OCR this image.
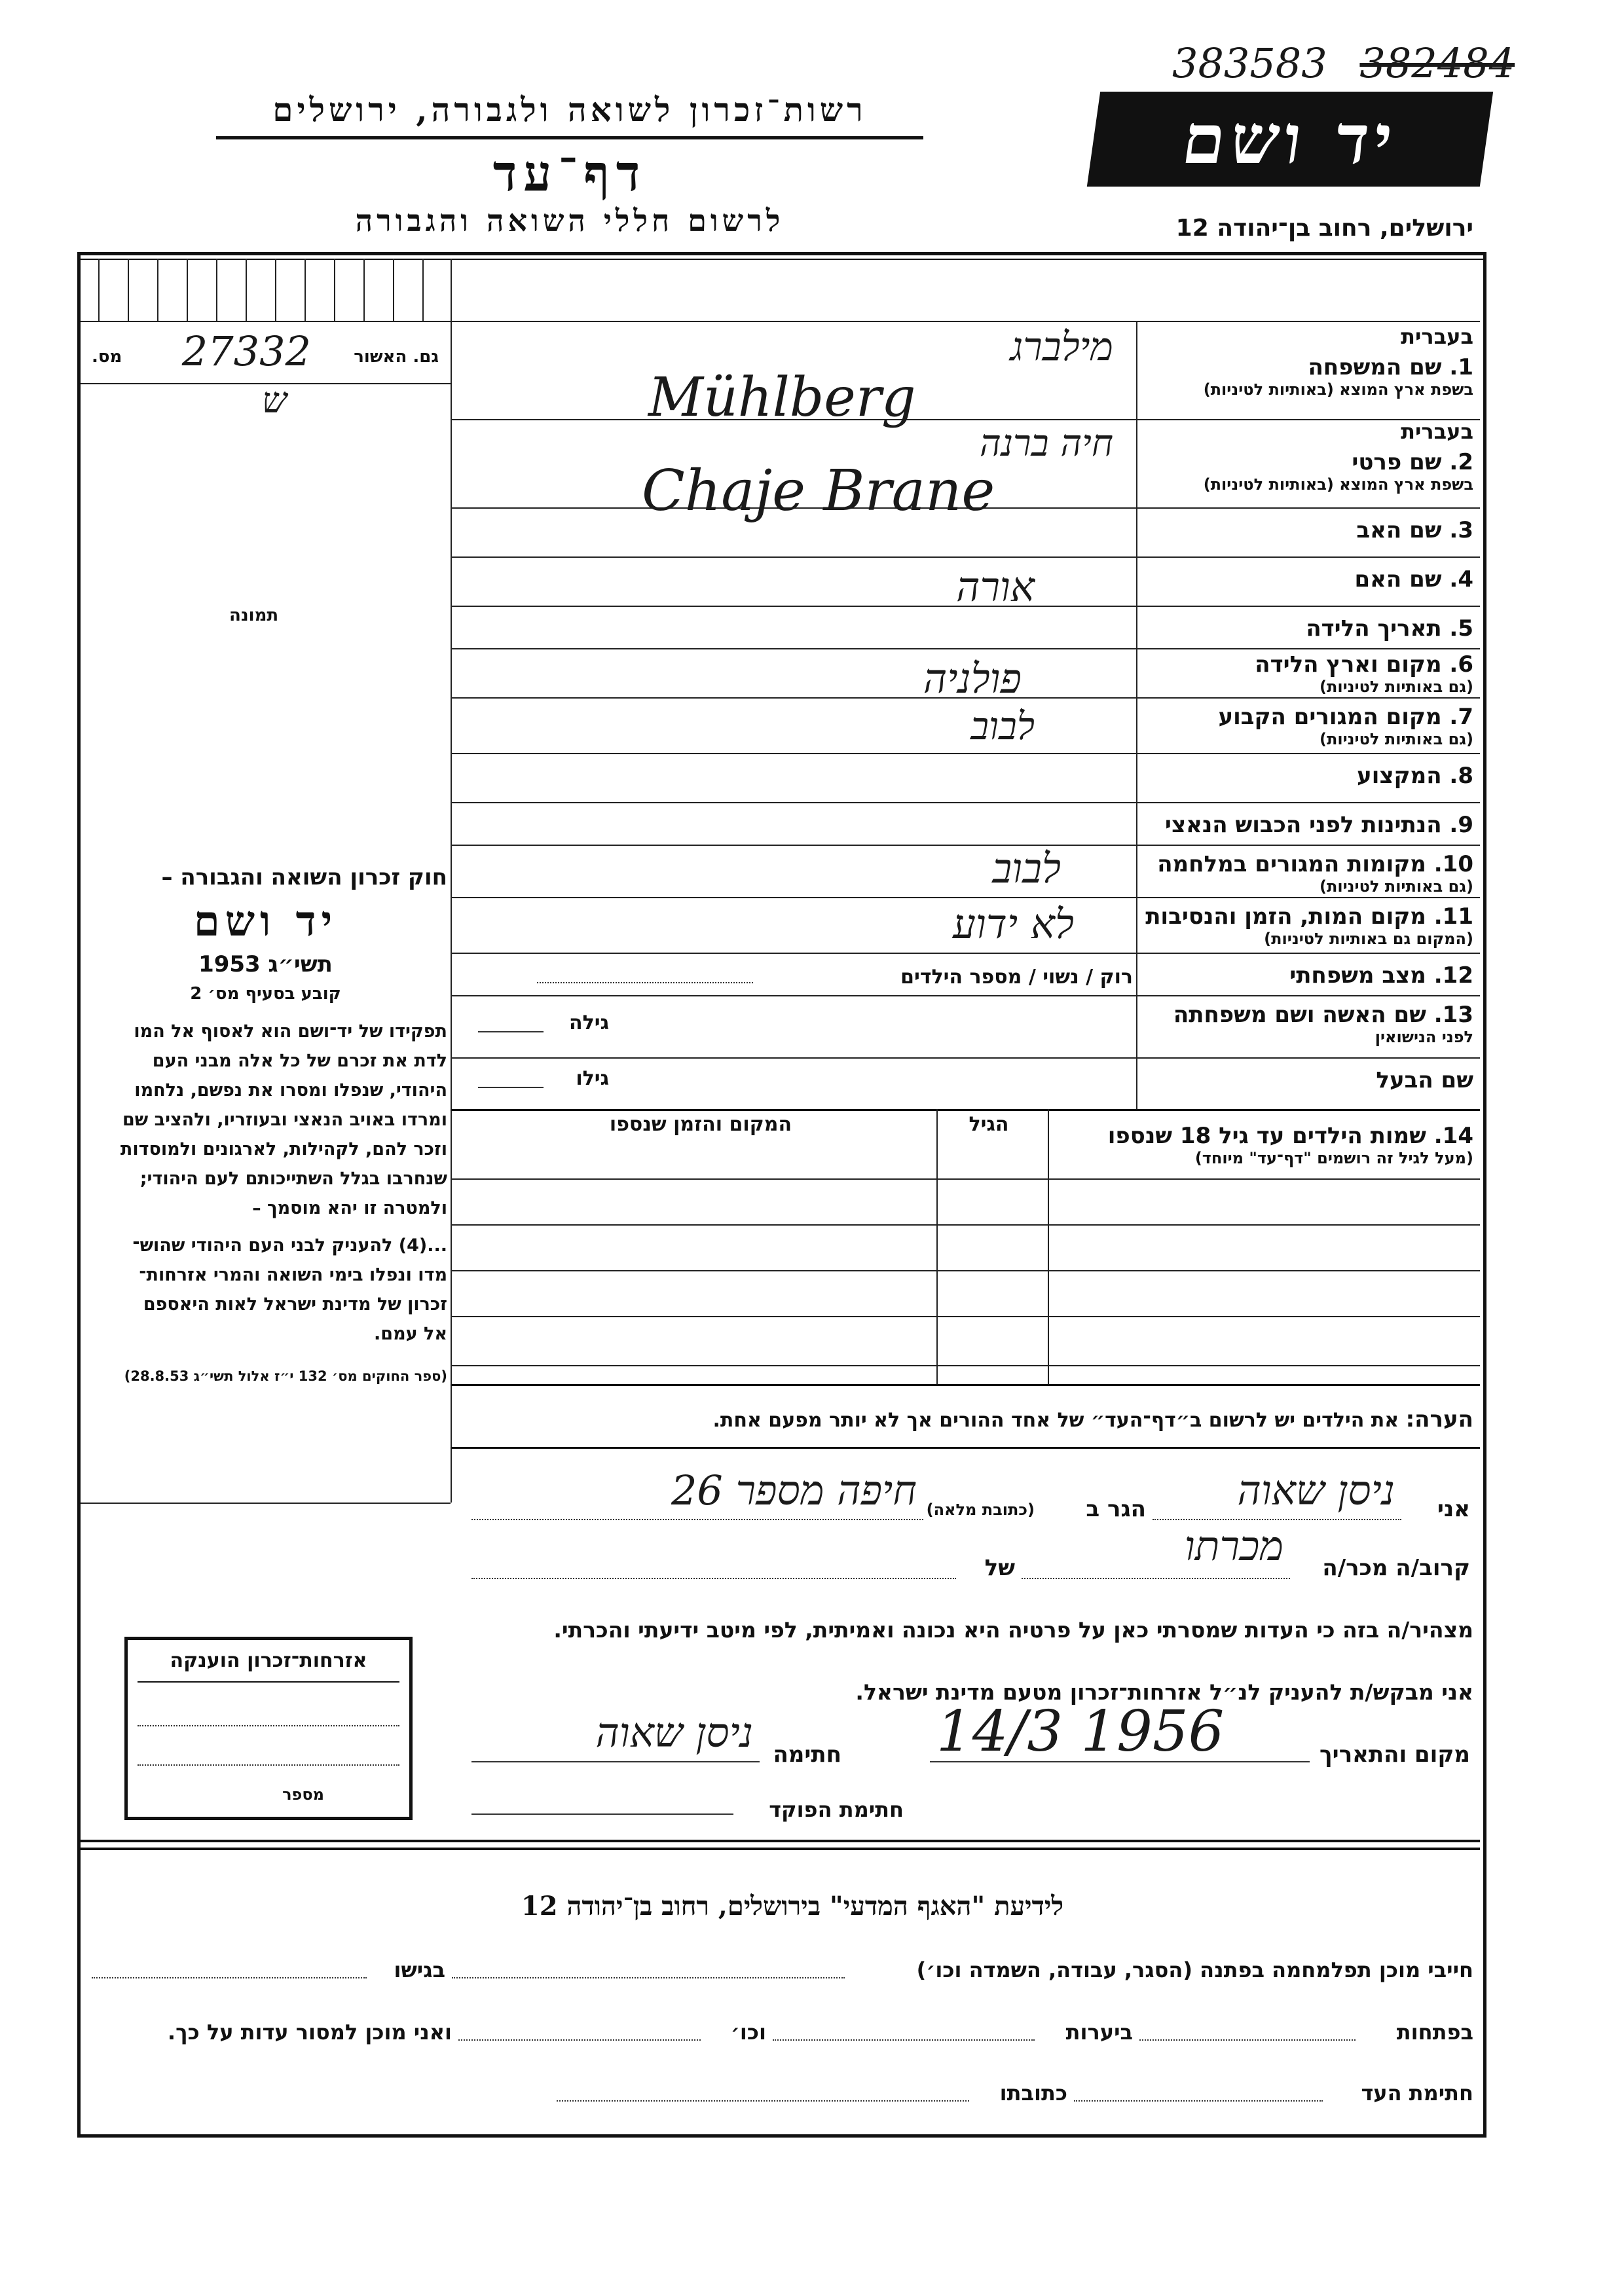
383583 382484
רשות־זכרון לשואה ולגבורה, ירושלים
דף־עד
לרשום חללי השואה והגבורה
יד ושם
ירושלים, רחוב בן־יהודה 12
גם. האשור
27332
מס.
ש
תמונה
חוק זכרון השואה והגבורה –
יד ושם
תשי״ג 1953
קובע בסעיף מס׳ 2
תפקידו של יד־ושם הוא לאסוף אל המו
לדת את זכרם של כל אלה מבני העם
היהודי, שנפלו ומסרו את נפשם, נלחמו
ומרדו באויב הנאצי ובעוזריו, ולהציב שם
וזכר להם, לקהילות, לארגונים ולמוסדות
שנחרבו בגלל השתייכותם לעם היהודי;
ולמטרה זו יהא מוסמך –
...(4) להעניק לבני העם היהודי שהוש־
מדו ונפלו בימי השואה והמרי אזרחות־
זכרון של מדינת ישראל לאות היאספם
אל עמם.
(ספר החוקים מס׳ 132 י״ז אלול תשי״ג 28.8.53)
בעברית
1. שם המשפחה
בשפת ארץ המוצא (באותיות לטיניות)
בעברית
2. שם פרטי
בשפת ארץ המוצא (באותיות לטיניות)
3. שם האב
4. שם האם
5. תאריך הלידה
6. מקום וארץ הלידה
(גם באותיות לטיניות)
7. מקום המגורים הקבוע
(גם באותיות לטיניות)
8. המקצוע
9. הנתינות לפני הכבוש הנאצי
10. מקומות המגורים במלחמה
(גם באותיות לטיניות)
11. מקום המות, הזמן והנסיבות
(המקום גם באותיות לטיניות)
12. מצב משפחתי
13. שם האשה ושם משפחתה
לפני הנישואין
שם הבעל
14. שמות הילדים עד גיל 18 שנספו
(מעל לגיל זה רושמים "דף־עד" מיוחד)
מילברג
Mühlberg
חיה ברנה
Chaje Brane
אורה
פולניה
לבוב
לבוב
לא ידוע
רוק / נשוי / מספר הילדים
גילה
גילו
הגיל
המקום והזמן שנספו
הערה: את הילדים יש לרשום ב״דף־העד״ של אחד ההורים אך לא יותר מפעם אחת.
אני
ניסן שאוה
הגר ב
(כתובת מלאה)
חיפה מספר 26
קרוב/ה מכר/ה
מכרתו
של
מצהיר/ה בזה כי העדות שמסרתי כאן על פרטיה היא נכונה ואמיתית, לפי מיטב ידיעתי והכרתי.
אני מבקש/ת להעניק לנ״ל אזרחות־זכרון מטעם מדינת ישראל.
מקום והתאריך
14/3 1956
חתימה
ניסן שאוה
חתימת הפוקד
אזרחות־זכרון הוענקה
מספר
לידיעת "האגף המדעי" בירושלים, רחוב בן־יהודה 12
חייבי מוכן תפלמחמה בפתנה (הסגר, עבודה, השמדה וכו׳)
בגישו
בפתחות
ביערות
וכו׳
ואני מוכן למסור עדות על כך.
חתימת העד
כתובתו
